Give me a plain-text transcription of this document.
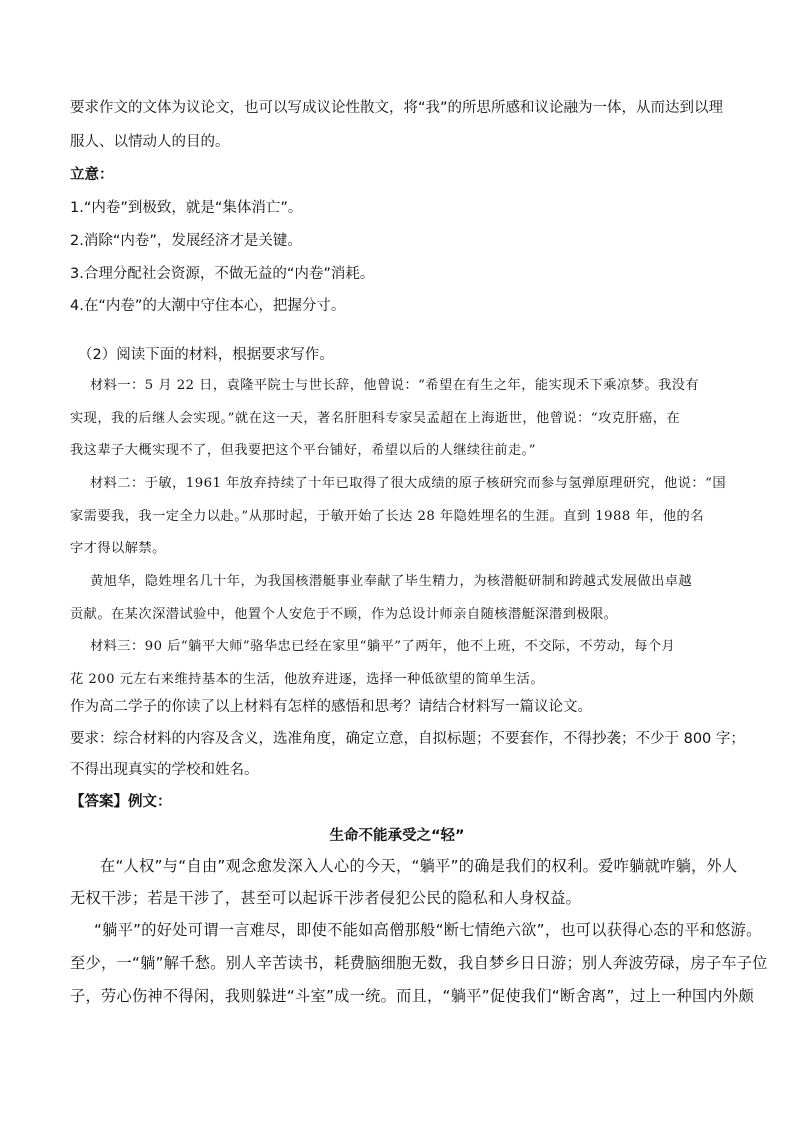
要求作文的文体为议论文，也可以写成议论性散文，将“我”的所思所感和议论融为一体，从而达到以理
服人、以情动人的目的。
立意：
1.“内卷”到极致，就是“集体消亡”。
2.消除“内卷”，发展经济才是关键。
3.合理分配社会资源，不做无益的“内卷”消耗。
4.在“内卷”的大潮中守住本心，把握分寸。
（2）阅读下面的材料，根据要求写作。
材料一：5 月 22 日，袁隆平院士与世长辞，他曾说：“希望在有生之年，能实现禾下乘凉梦。我没有
实现，我的后继人会实现。”就在这一天，著名肝胆科专家吴孟超在上海逝世，他曾说：“攻克肝癌，在
我这辈子大概实现不了，但我要把这个平台铺好，希望以后的人继续往前走。”
材料二：于敏，1961 年放弃持续了十年已取得了很大成绩的原子核研究而参与氢弹原理研究，他说：“国
家需要我，我一定全力以赴。”从那时起，于敏开始了长达 28 年隐姓埋名的生涯。直到 1988 年，他的名
字才得以解禁。
黄旭华，隐姓埋名几十年，为我国核潜艇事业奉献了毕生精力，为核潜艇研制和跨越式发展做出卓越
贡献。在某次深潜试验中，他置个人安危于不顾，作为总设计师亲自随核潜艇深潜到极限。
材料三：90 后“躺平大师”骆华忠已经在家里“躺平”了两年，他不上班，不交际，不劳动，每个月
花 200 元左右来维持基本的生活，他放弃进逐，选择一种低欲望的简单生活。
作为高二学子的你读了以上材料有怎样的感悟和思考？请结合材料写一篇议论文。
要求：综合材料的内容及含义，选准角度，确定立意，自拟标题；不要套作，不得抄袭；不少于 800 字；
不得出现真实的学校和姓名。
【答案】例文：
生命不能承受之“轻”
在“人权”与“自由”观念愈发深入人心的今天，“躺平”的确是我们的权利。爱咋躺就咋躺，外人
无权干涉；若是干涉了，甚至可以起诉干涉者侵犯公民的隐私和人身权益。
“躺平”的好处可谓一言难尽，即使不能如高僧那般“断七情绝六欲”，也可以获得心态的平和悠游。
至少，一“躺”解千愁。别人辛苦读书，耗费脑细胞无数，我自梦乡日日游；别人奔波劳碌，房子车子位
子，劳心伤神不得闲，我则躲进“斗室”成一统。而且，“躺平”促使我们“断舍离”，过上一种国内外颇
